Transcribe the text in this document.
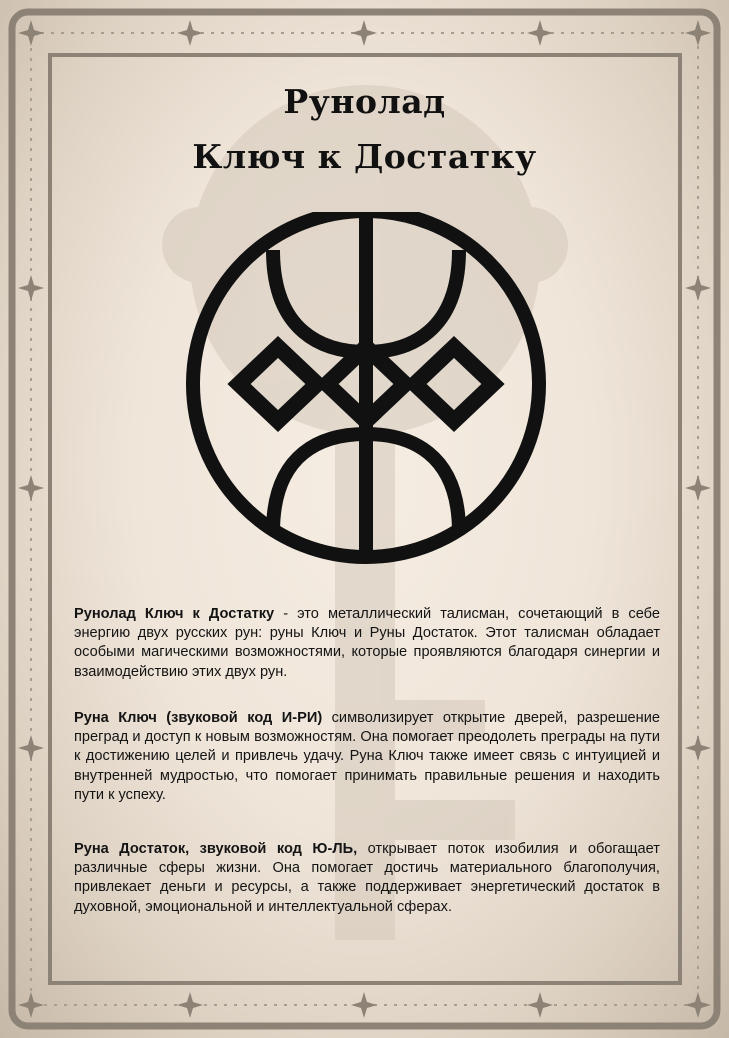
Рунолад
Ключ к Достатку
Рунолад Ключ к Достатку - это металлический талисман, сочетающий в себе энергию двух русских рун: руны Ключ и Руны Достаток. Этот талисман обладает особыми магическими возможностями, которые проявляются благодаря синергии и взаимодействию этих двух рун.
Руна Ключ (звуковой код И-РИ) символизирует открытие дверей, разрешение преград и доступ к новым возможностям. Она помогает преодолеть преграды на пути к достижению целей и привлечь удачу. Руна Ключ также имеет связь с интуицией и внутренней мудростью, что помогает принимать правильные решения и находить пути к успеху.
Руна Достаток, звуковой код Ю-ЛЬ, открывает поток изобилия и обогащает различные сферы жизни. Она помогает достичь материального благополучия, привлекает деньги и ресурсы, а также поддерживает энергетический достаток в духовной, эмоциональной и интеллектуальной сферах.
